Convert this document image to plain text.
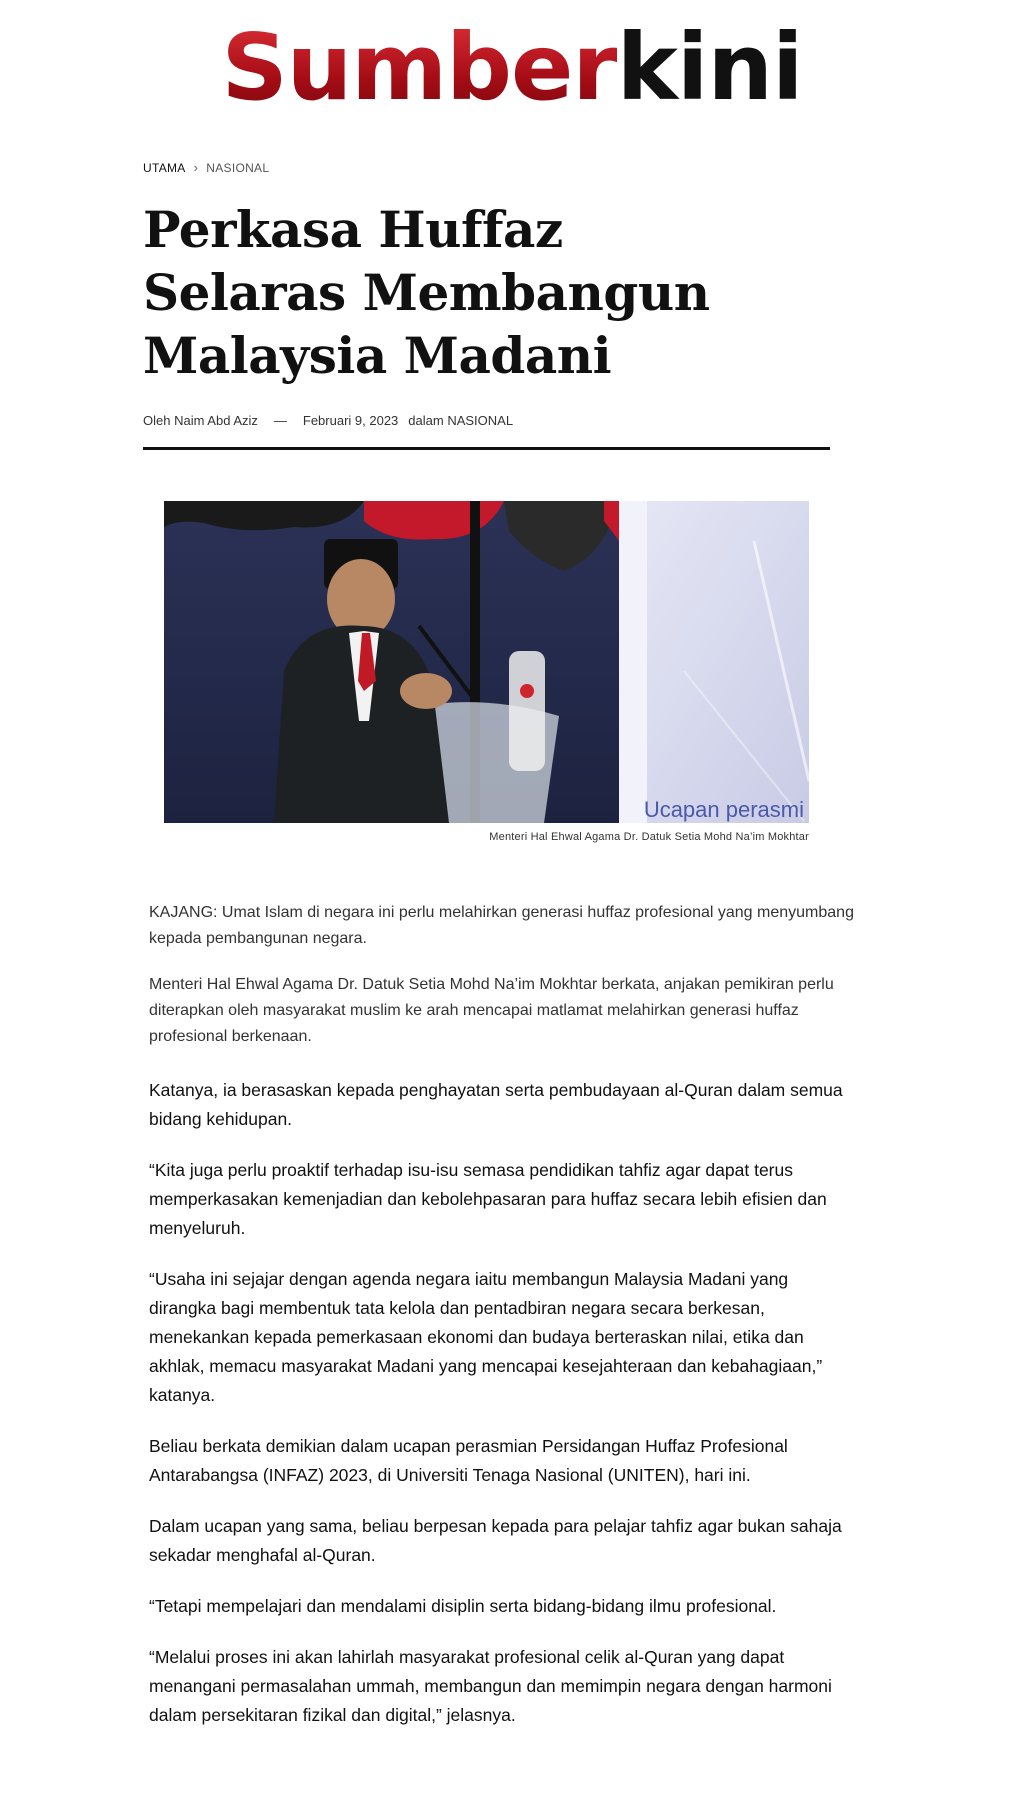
Sumberkini
UTAMA › NASIONAL
Perkasa Huffaz Selaras Membangun Malaysia Madani
Oleh Naim Abd Aziz — Februari 9, 2023 dalam NASIONAL
Ucapan perasmi
Menteri Hal Ehwal Agama Dr. Datuk Setia Mohd Na’im Mokhtar

KAJANG: Umat Islam di negara ini perlu melahirkan generasi huffaz profesional yang menyumbang kepada pembangunan negara.

Menteri Hal Ehwal Agama Dr. Datuk Setia Mohd Na’im Mokhtar berkata, anjakan pemikiran perlu diterapkan oleh masyarakat muslim ke arah mencapai matlamat melahirkan generasi huffaz profesional berkenaan.

Katanya, ia berasaskan kepada penghayatan serta pembudayaan al-Quran dalam semua bidang kehidupan.

“Kita juga perlu proaktif terhadap isu-isu semasa pendidikan tahfiz agar dapat terus memperkasakan kemenjadian dan kebolehpasaran para huffaz secara lebih efisien dan menyeluruh.

“Usaha ini sejajar dengan agenda negara iaitu membangun Malaysia Madani yang dirangka bagi membentuk tata kelola dan pentadbiran negara secara berkesan, menekankan kepada pemerkasaan ekonomi dan budaya berteraskan nilai, etika dan akhlak, memacu masyarakat Madani yang mencapai kesejahteraan dan kebahagiaan,” katanya.

Beliau berkata demikian dalam ucapan perasmian Persidangan Huffaz Profesional Antarabangsa (INFAZ) 2023, di Universiti Tenaga Nasional (UNITEN), hari ini.

Dalam ucapan yang sama, beliau berpesan kepada para pelajar tahfiz agar bukan sahaja sekadar menghafal al-Quran.

“Tetapi mempelajari dan mendalami disiplin serta bidang-bidang ilmu profesional.

“Melalui proses ini akan lahirlah masyarakat profesional celik al-Quran yang dapat menangani permasalahan ummah, membangun dan memimpin negara dengan harmoni dalam persekitaran fizikal dan digital,” jelasnya.
